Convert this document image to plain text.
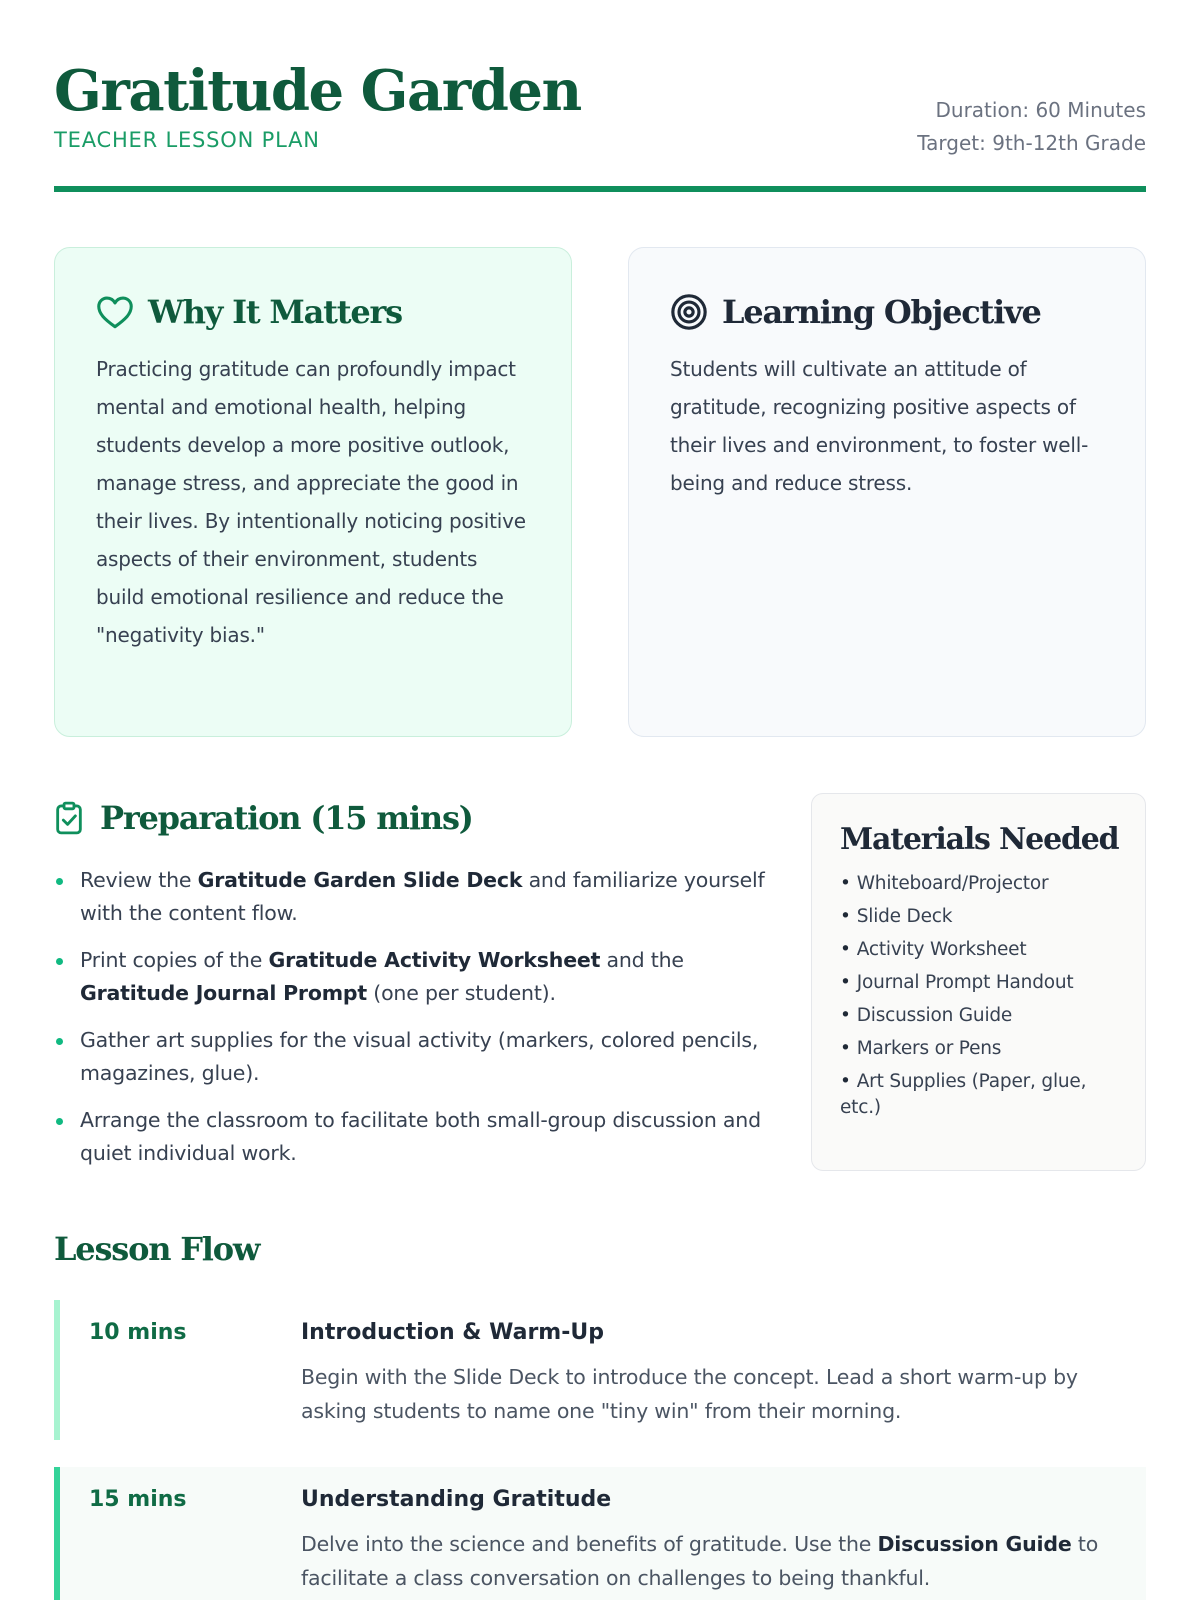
Gratitude Garden
TEACHER LESSON PLAN
Duration: 60 Minutes
Target: 9th-12th Grade
Why It Matters
Practicing gratitude can profoundly impact mental and emotional health, helping students develop a more positive outlook, manage stress, and appreciate the good in their lives. By intentionally noticing positive aspects of their environment, students build emotional resilience and reduce the "negativity bias."
Learning Objective
Students will cultivate an attitude of gratitude, recognizing positive aspects of their lives and environment, to foster well-being and reduce stress.
Preparation (15 mins)
Review the Gratitude Garden Slide Deck and familiarize yourself with the content flow.
Print copies of the Gratitude Activity Worksheet and the Gratitude Journal Prompt (one per student).
Gather art supplies for the visual activity (markers, colored pencils, magazines, glue).
Arrange the classroom to facilitate both small-group discussion and quiet individual work.
Materials Needed
• Whiteboard/Projector
• Slide Deck
• Activity Worksheet
• Journal Prompt Handout
• Discussion Guide
• Markers or Pens
• Art Supplies (Paper, glue, etc.)
Lesson Flow
10 mins	Introduction & Warm-Up
Begin with the Slide Deck to introduce the concept. Lead a short warm-up by asking students to name one "tiny win" from their morning.
15 mins	Understanding Gratitude
Delve into the science and benefits of gratitude. Use the Discussion Guide to facilitate a class conversation on challenges to being thankful.
